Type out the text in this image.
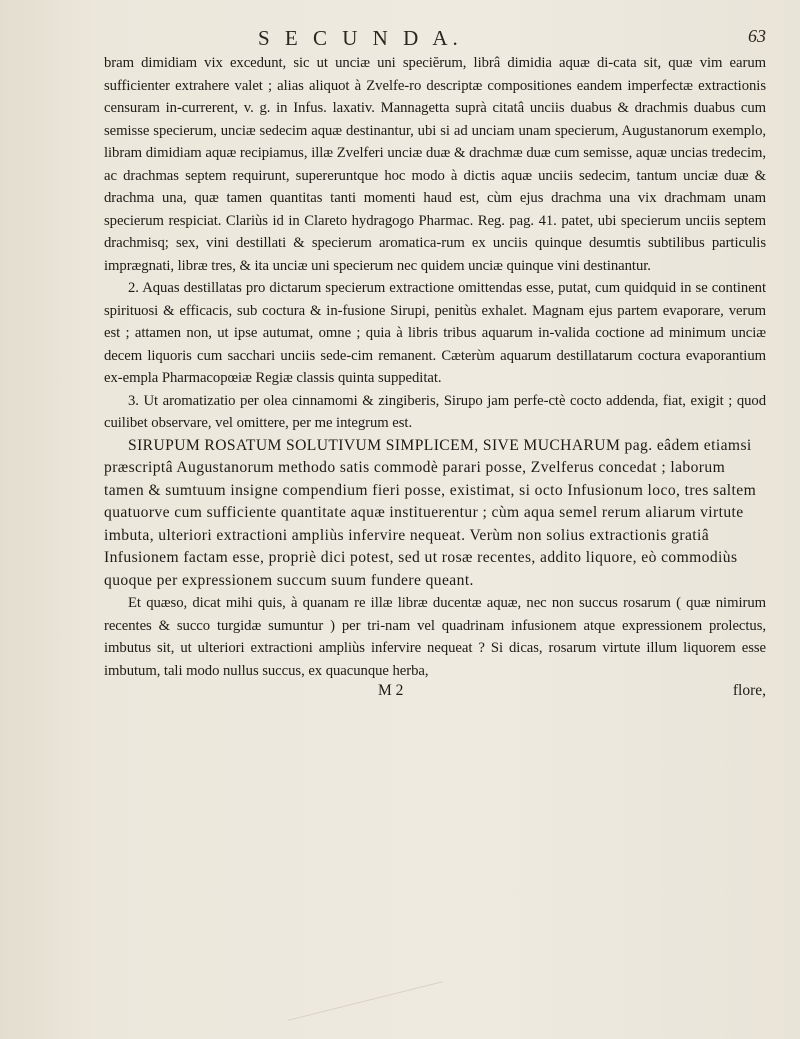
S E C U N D A.	63

bram dimidiam vix excedunt, sic ut unciæ uni speciĕrum, librâ dimidia aquæ di-cata sit, quæ vim earum sufficienter extrahere valet ; alias aliquot à Zvelfe-ro descriptæ compositiones eandem imperfectæ extractionis censuram in-currerent, v. g. in Infus. laxativ. Mannagetta suprà citatâ unciis duabus & drachmis duabus cum semisse specierum, unciæ sedecim aquæ destinantur, ubi si ad unciam unam specierum, Augustanorum exemplo, libram dimidiam aquæ recipiamus, illæ Zvelferi unciæ duæ & drachmæ duæ cum semisse, aquæ uncias tredecim, ac drachmas septem requirunt, supereruntque hoc modo à dictis aquæ unciis sedecim, tantum unciæ duæ & drachma una, quæ tamen quantitas tanti momenti haud est, cùm ejus drachma una vix drachmam unam specierum respiciat. Clariùs id in Clareto hydragogo Pharmac. Reg. pag. 41. patet, ubi specierum unciis septem drachmisq; sex, vini destillati & specierum aromatica-rum ex unciis quinque desumtis subtilibus particulis imprægnati, libræ tres, & ita unciæ uni specierum nec quidem unciæ quinque vini destinantur.

2. Aquas destillatas pro dictarum specierum extractione omittendas esse, putat, cum quidquid in se continent spirituosi & efficacis, sub coctura & in-fusione Sirupi, penitùs exhalet. Magnam ejus partem evaporare, verum est ; attamen non, ut ipse autumat, omne ; quia à libris tribus aquarum in-valida coctione ad minimum unciæ decem liquoris cum sacchari unciis sede-cim remanent. Cæterùm aquarum destillatarum coctura evaporantium ex-empla Pharmacopœiæ Regiæ classis quinta suppeditat.

3. Ut aromatizatio per olea cinnamomi & zingiberis, Sirupo jam perfe-ctè cocto addenda, fiat, exigit ; quod cuilibet observare, vel omittere, per me integrum est.

SIRUPUM ROSATUM SOLUTIVUM SIMPLICEM, SIVE MUCHARUM pag. eâdem etiamsi præscriptâ Augustanorum methodo satis commodè parari posse, Zvelferus concedat ; laborum tamen & sumtuum insigne compendium fieri posse, existimat, si octo Infusionum loco, tres saltem quatuorve cum sufficiente quantitate aquæ instituerentur ; cùm aqua semel rerum aliarum virtute imbuta, ulteriori extractioni ampliùs infervire nequeat. Verùm non solius extractionis gratiâ Infusionem factam esse, propriè dici potest, sed ut rosæ recentes, addito liquore, eò commodiùs quoque per expressionem succum suum fundere queant.

Et quæso, dicat mihi quis, à quanam re illæ libræ ducentæ aquæ, nec non succus rosarum ( quæ nimirum recentes & succo turgidæ sumuntur ) per tri-nam vel quadrinam infusionem atque expressionem prolectus, imbutus sit, ut ulteriori extractioni ampliùs infervire nequeat ? Si dicas, rosarum virtute illum liquorem esse imbutum, tali modo nullus succus, ex quacunque herba,

M 2	flore,
